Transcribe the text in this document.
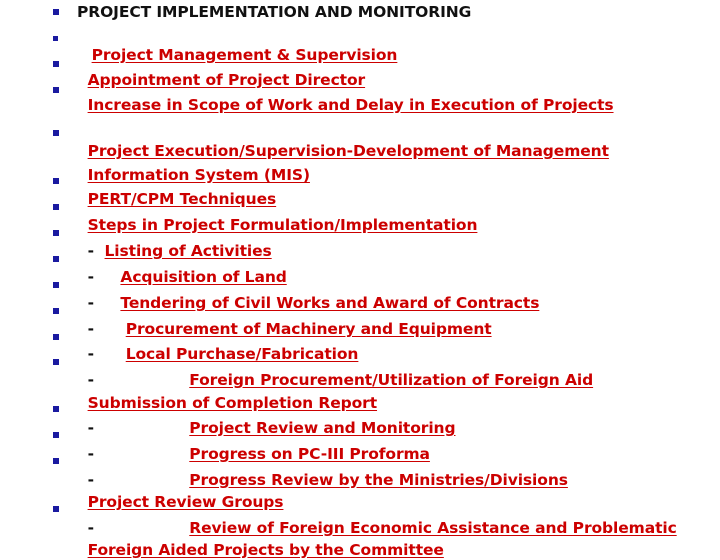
PROJECT IMPLEMENTATION AND MONITORING

Project Management & Supervision

Appointment of Project Director

Increase in Scope of Work and Delay in Execution of Projects

Project Execution/Supervision-Development of Management

Information System (MIS)

PERT/CPM Techniques

Steps in Project Formulation/Implementation

-  Listing of Activities

-     Acquisition of Land

-     Tendering of Civil Works and Award of Contracts

-      Procurement of Machinery and Equipment

-      Local Purchase/Fabrication

-                  Foreign Procurement/Utilization of Foreign Aid

Submission of Completion Report

-                  Project Review and Monitoring

-                  Progress on PC-III Proforma

-                  Progress Review by the Ministries/Divisions

Project Review Groups

-                  Review of Foreign Economic Assistance and Problematic

Foreign Aided Projects by the Committee
